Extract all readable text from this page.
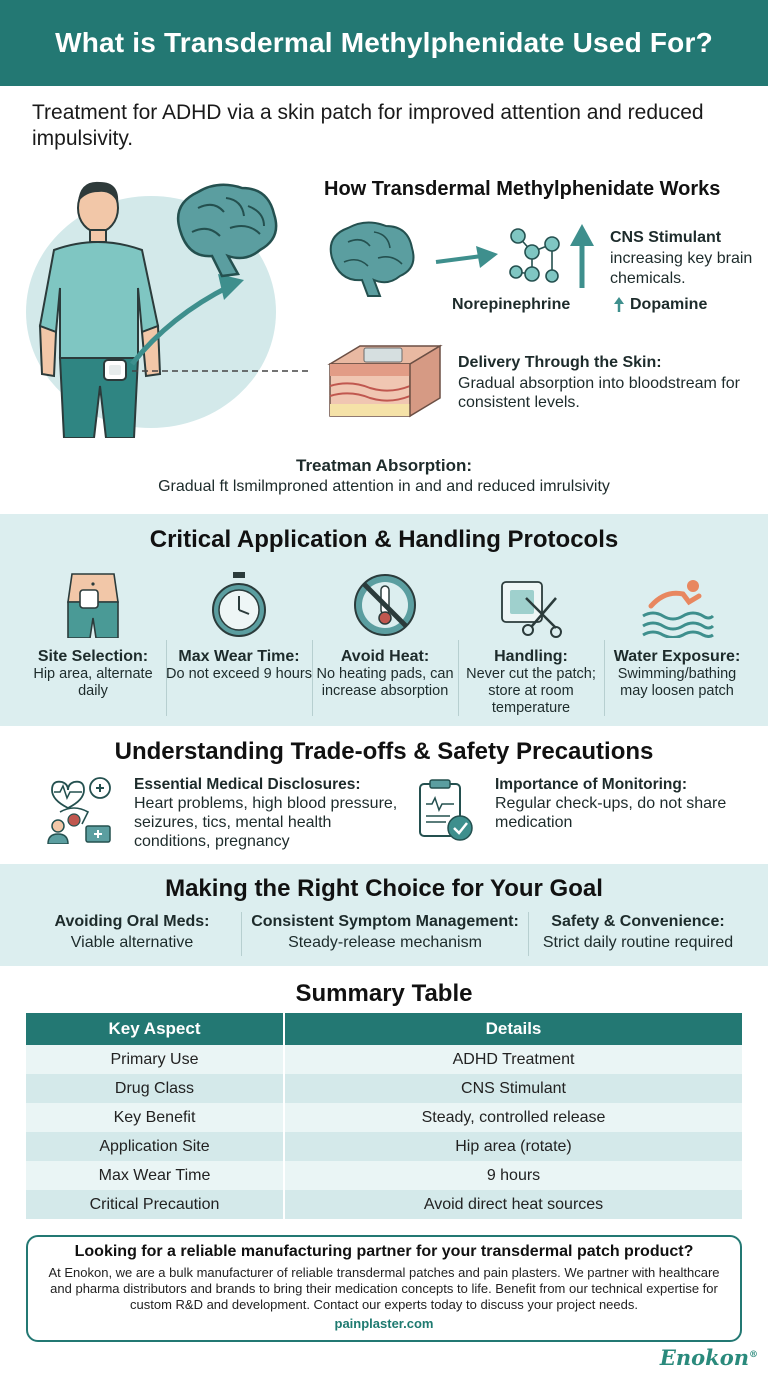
What is Transdermal Methylphenidate Used For?
Treatment for ADHD via a skin patch for improved attention and reduced impulsivity.
How Transdermal Methylphenidate Works
CNS Stimulant
increasing key brain chemicals.
Norepinephrine	Dopamine
Delivery Through the Skin:
Gradual absorption into bloodstream for consistent levels.
Treatman Absorption:
Gradual ft lsmilmproned attention in and and reduced imrulsivity
Critical Application & Handling Protocols
Site Selection:
Hip area, alternate daily
Max Wear Time:
Do not exceed 9 hours
Avoid Heat:
No heating pads, can increase absorption
Handling:
Never cut the patch; store at room temperature
Water Exposure:
Swimming/bathing may loosen patch
Understanding Trade-offs & Safety Precautions
Essential Medical Disclosures:
Heart problems, high blood pressure, seizures, tics, mental health conditions, pregnancy
Importance of Monitoring:
Regular check-ups, do not share medication
Making the Right Choice for Your Goal
Avoiding Oral Meds:
Viable alternative
Consistent Symptom Management:
Steady-release mechanism
Safety & Convenience:
Strict daily routine required
Summary Table
Key Aspect	Details
Primary Use	ADHD Treatment
Drug Class	CNS Stimulant
Key Benefit	Steady, controlled release
Application Site	Hip area (rotate)
Max Wear Time	9 hours
Critical Precaution	Avoid direct heat sources
Looking for a reliable manufacturing partner for your transdermal patch product?
At Enokon, we are a bulk manufacturer of reliable transdermal patches and pain plasters. We partner with healthcare and pharma distributors and brands to bring their medication concepts to life. Benefit from our technical expertise for custom R&D and development. Contact our experts today to discuss your project needs.
painplaster.com
Enokon®
